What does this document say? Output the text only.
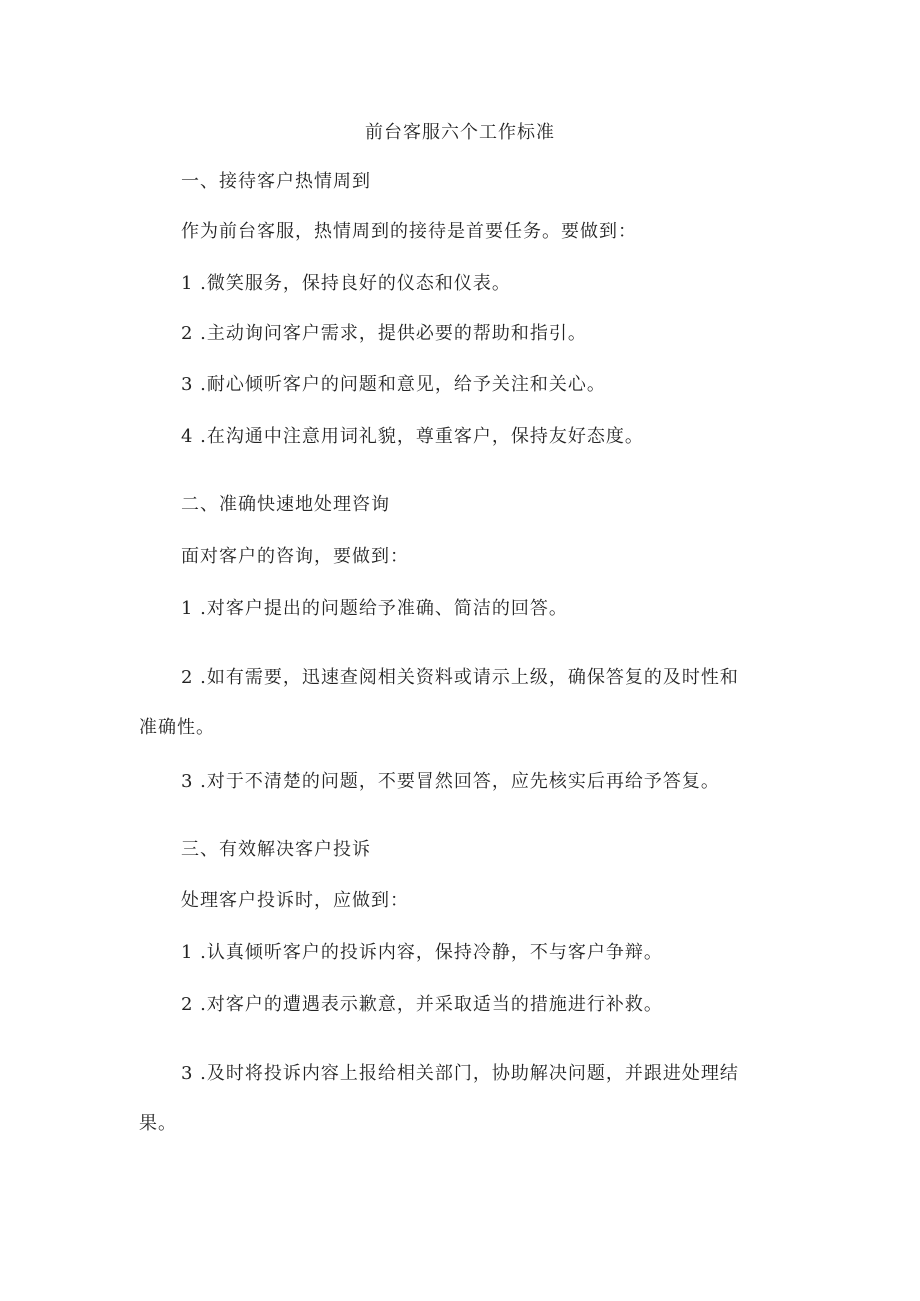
前台客服六个工作标准

一、接待客户热情周到

作为前台客服，热情周到的接待是首要任务。要做到：

1 .微笑服务，保持良好的仪态和仪表。

2 .主动询问客户需求，提供必要的帮助和指引。

3 .耐心倾听客户的问题和意见，给予关注和关心。

4 .在沟通中注意用词礼貌，尊重客户，保持友好态度。

二、准确快速地处理咨询

面对客户的咨询，要做到：

1 .对客户提出的问题给予准确、简洁的回答。

2 .如有需要，迅速查阅相关资料或请示上级，确保答复的及时性和

准确性。

3 .对于不清楚的问题，不要冒然回答，应先核实后再给予答复。

三、有效解决客户投诉

处理客户投诉时，应做到：

1 .认真倾听客户的投诉内容，保持冷静，不与客户争辩。

2 .对客户的遭遇表示歉意，并采取适当的措施进行补救。

3 .及时将投诉内容上报给相关部门，协助解决问题，并跟进处理结

果。
